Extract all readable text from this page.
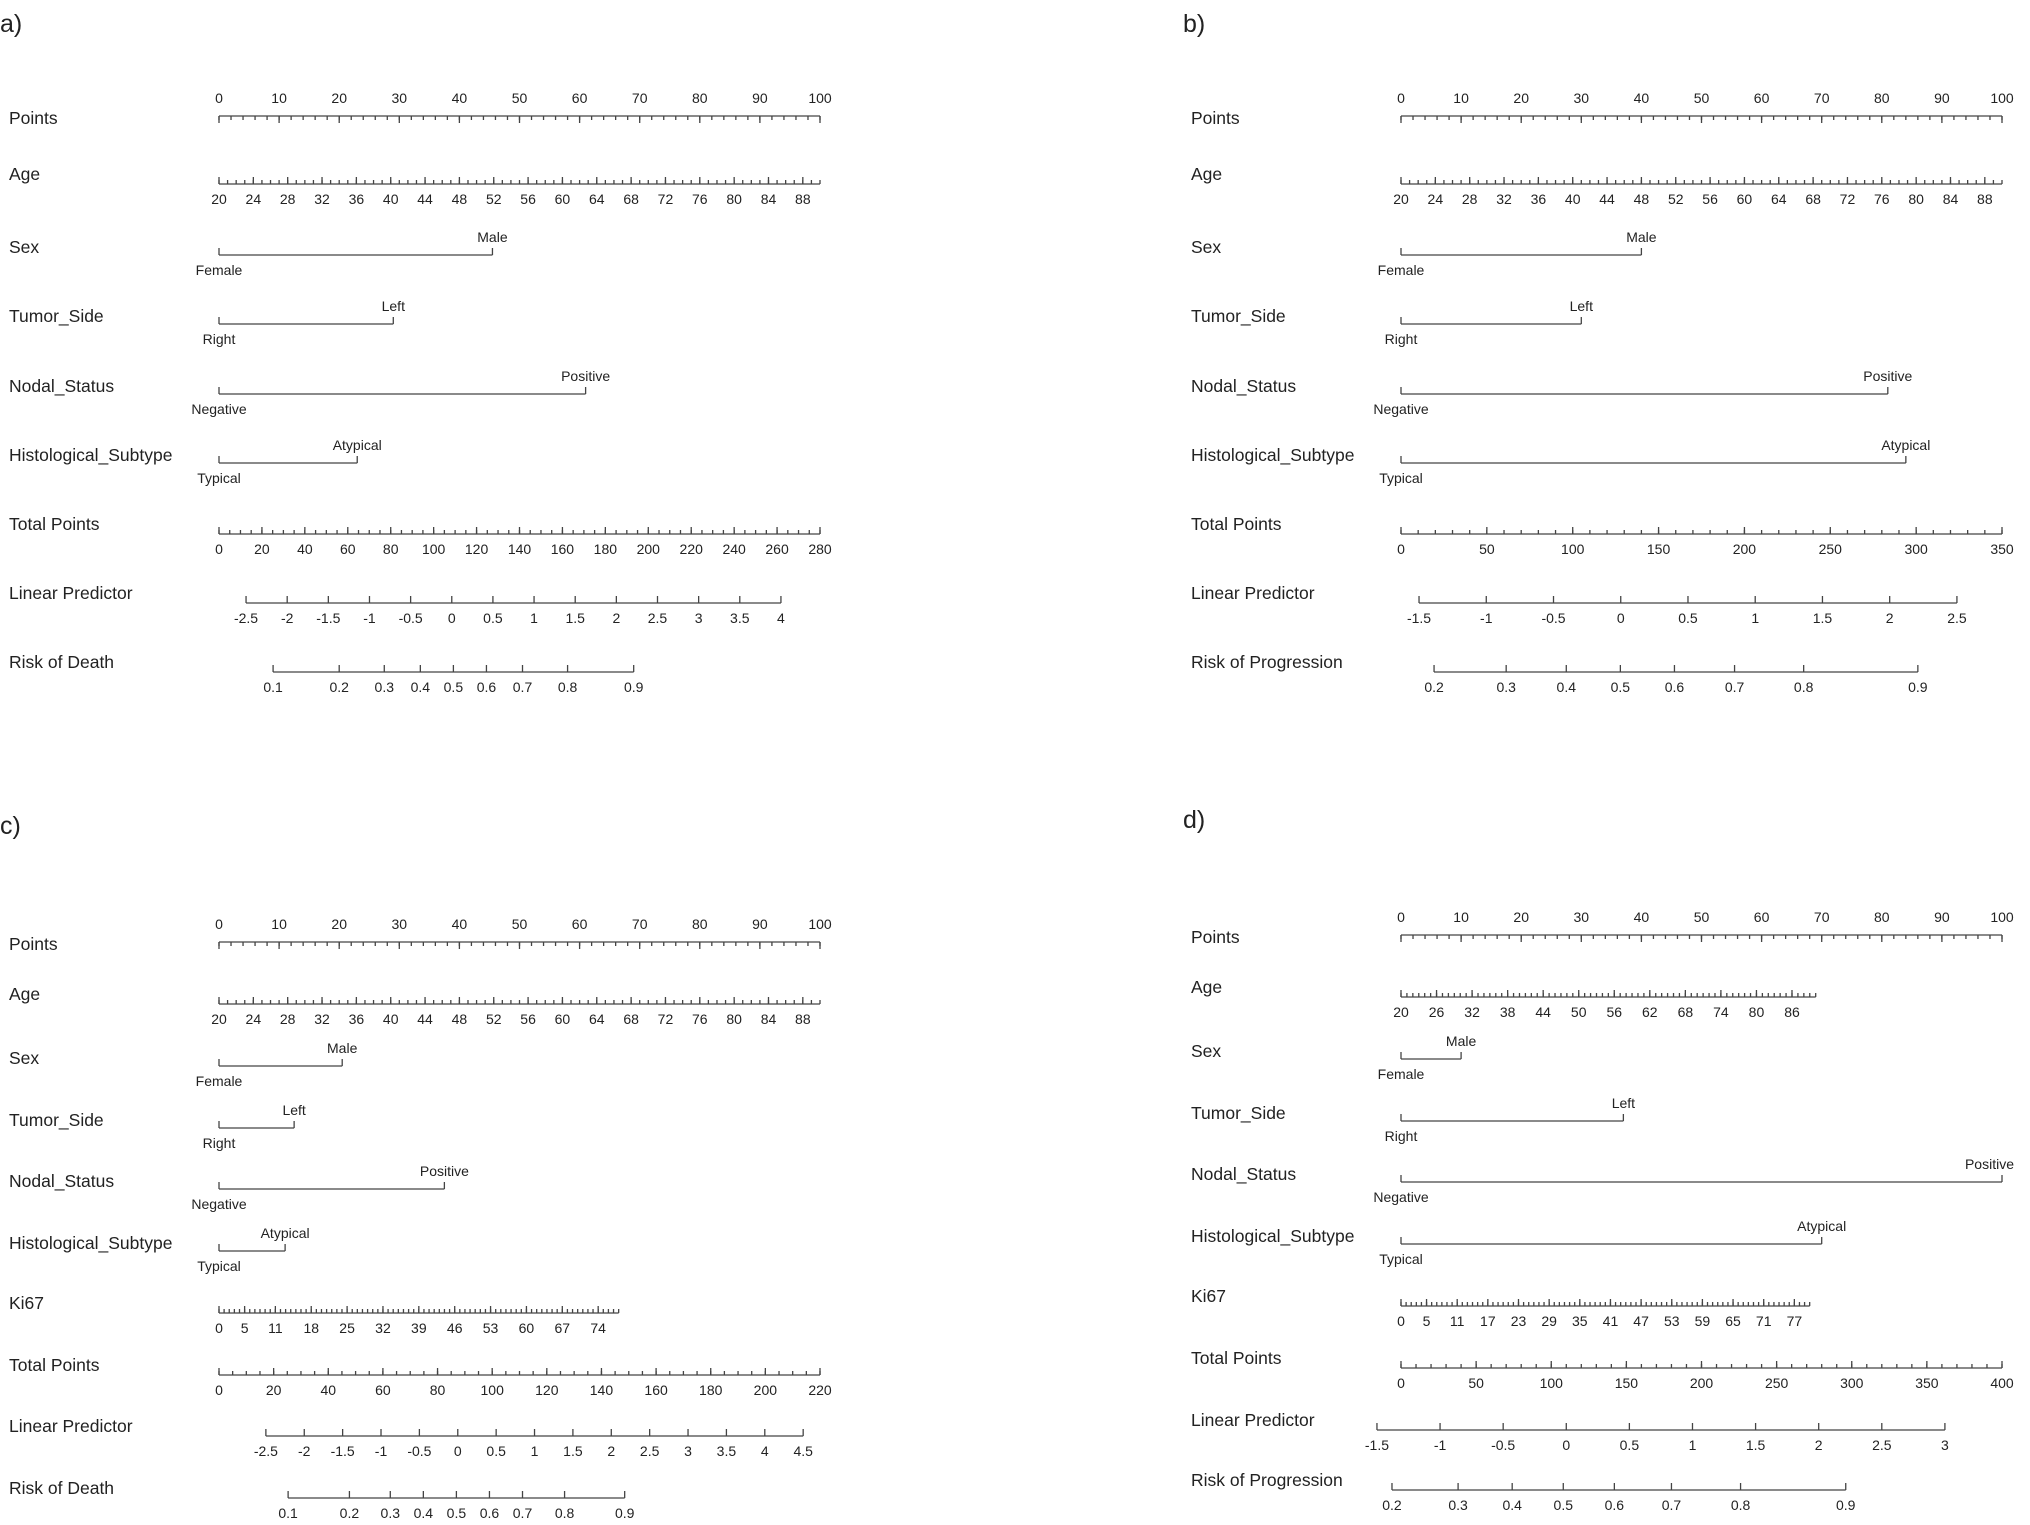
a)
Points
0	10	20	30	40	50	60	70	80	90	100
Age
20 24 28 32 36 40 44 48 52 56 60 64 68 72 76 80 84 88
Sex
Female
Male
Tumor_Side
Right
Left
Nodal_Status
Negative
Positive
Histological_Subtype
Typical
Atypical
Total Points
0 20 40 60 80 100 120 140 160 180 200 220 240 260 280
Linear Predictor
-2.5 -2 -1.5 -1 -0.5 0 0.5 1 1.5 2 2.5 3 3.5 4
Risk of Death
0.1	0.2 0.3 0.4 0.5 0.6 0.7 0.8	0.9
b)
Points
0	10	20	30	40	50	60	70	80	90	100
Age
20 24 28 32 36 40 44 48 52 56 60 64 68 72 76 80 84 88
Sex
Female
Male
Tumor_Side
Right
Left
Nodal_Status
Negative
Positive
Histological_Subtype
Typical
Atypical
Total Points
0	50	100	150	200	250	300	350
Linear Predictor
-1.5	-1	-0.5	0	0.5	1	1.5	2	2.5
Risk of Progression
0.2	0.3	0.4 0.5 0.6	0.7	0.8	0.9
c)
Points
0	10	20	30	40	50	60	70	80	90	100
Age
20 24 28 32 36 40 44 48 52 56 60 64 68 72 76 80 84 88
Sex
Female
Male
Tumor_Side
Right
Left
Nodal_Status
Negative
Positive
Histological_Subtype
Typical
Atypical
Ki67
0 5 11 18 25 32 39 46 53 60 67 74
Total Points
0	20	40	60	80	100 120 140 160 180 200 220
Linear Predictor
-2.5 -2 -1.5 -1 -0.5 0 0.5 1 1.5 2 2.5 3 3.5 4 4.5
Risk of Death
0.1	0.2 0.3 0.4 0.5 0.6 0.7 0.8	0.9
d)
Points
0	10	20	30	40	50	60	70	80	90	100
Age
20 26 32 38 44 50 56 62 68 74 80 86
Sex
Female
Male
Tumor_Side
Right
Left
Nodal_Status
Negative
Positive
Histological_Subtype
Typical
Atypical
Ki67
0 5 11 17 23 29 35 41 47 53 59 65 71 77
Total Points
0	50	100	150	200	250	300	350	400
Linear Predictor
-1.5	-1	-0.5	0	0.5	1	1.5	2	2.5	3
Risk of Progression
0.2	0.3 0.4 0.5 0.6	0.7	0.8	0.9
